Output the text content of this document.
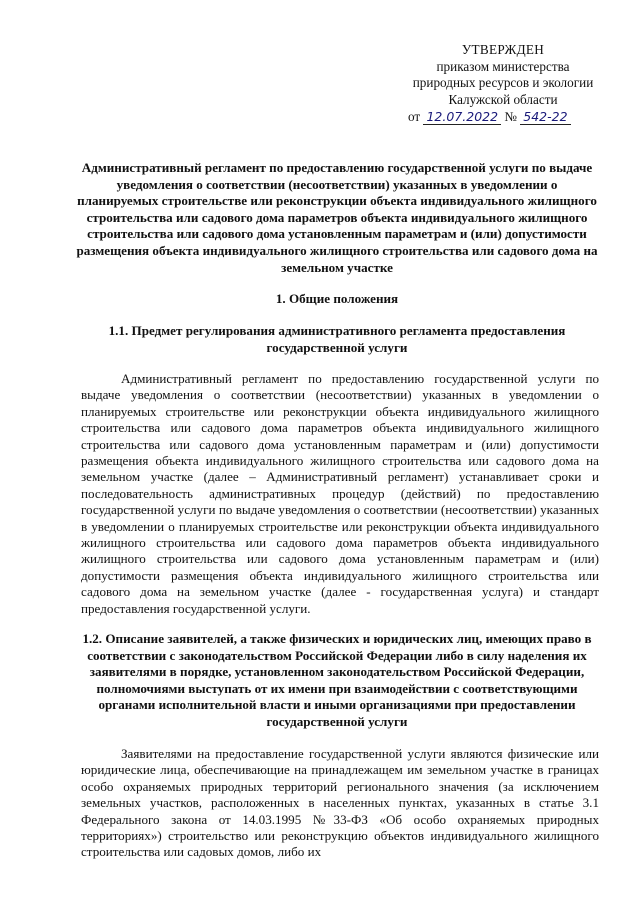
УТВЕРЖДЕН
приказом министерства
природных ресурсов и экологии
Калужской области
от 12.07.2022 № 542-22
Административный регламент по предоставлению государственной услуги по выдаче уведомления о соответствии (несоответствии) указанных в уведомлении о планируемых строительстве или реконструкции объекта индивидуального жилищного строительства или садового дома параметров объекта индивидуального жилищного строительства или садового дома установленным параметрам и (или) допустимости размещения объекта индивидуального жилищного строительства или садового дома на земельном участке
1. Общие положения
1.1. Предмет регулирования административного регламента предоставления государственной услуги
Административный регламент по предоставлению государственной услуги по выдаче уведомления о соответствии (несоответствии) указанных в уведомлении о планируемых строительстве или реконструкции объекта индивидуального жилищного строительства или садового дома параметров объекта индивидуального жилищного строительства или садового дома установленным параметрам и (или) допустимости размещения объекта индивидуального жилищного строительства или садового дома на земельном участке (далее – Административный регламент) устанавливает сроки и последовательность административных процедур (действий) по предоставлению государственной услуги по выдаче уведомления о соответствии (несоответствии) указанных в уведомлении о планируемых строительстве или реконструкции объекта индивидуального жилищного строительства или садового дома параметров объекта индивидуального жилищного строительства или садового дома установленным параметрам и (или) допустимости размещения объекта индивидуального жилищного строительства или садового дома на земельном участке (далее - государственная услуга) и стандарт предоставления государственной услуги.
1.2. Описание заявителей, а также физических и юридических лиц, имеющих право в соответствии с законодательством Российской Федерации либо в силу наделения их заявителями в порядке, установленном законодательством Российской Федерации, полномочиями выступать от их имени при взаимодействии с соответствующими органами исполнительной власти и иными организациями при предоставлении государственной услуги
Заявителями на предоставление государственной услуги являются физические или юридические лица, обеспечивающие на принадлежащем им земельном участке в границах особо охраняемых природных территорий регионального значения (за исключением земельных участков, расположенных в населенных пунктах, указанных в статье 3.1 Федерального закона от 14.03.1995 №33-ФЗ «Об особо охраняемых природных территориях») строительство или реконструкцию объектов индивидуального жилищного строительства или садовых домов, либо их
